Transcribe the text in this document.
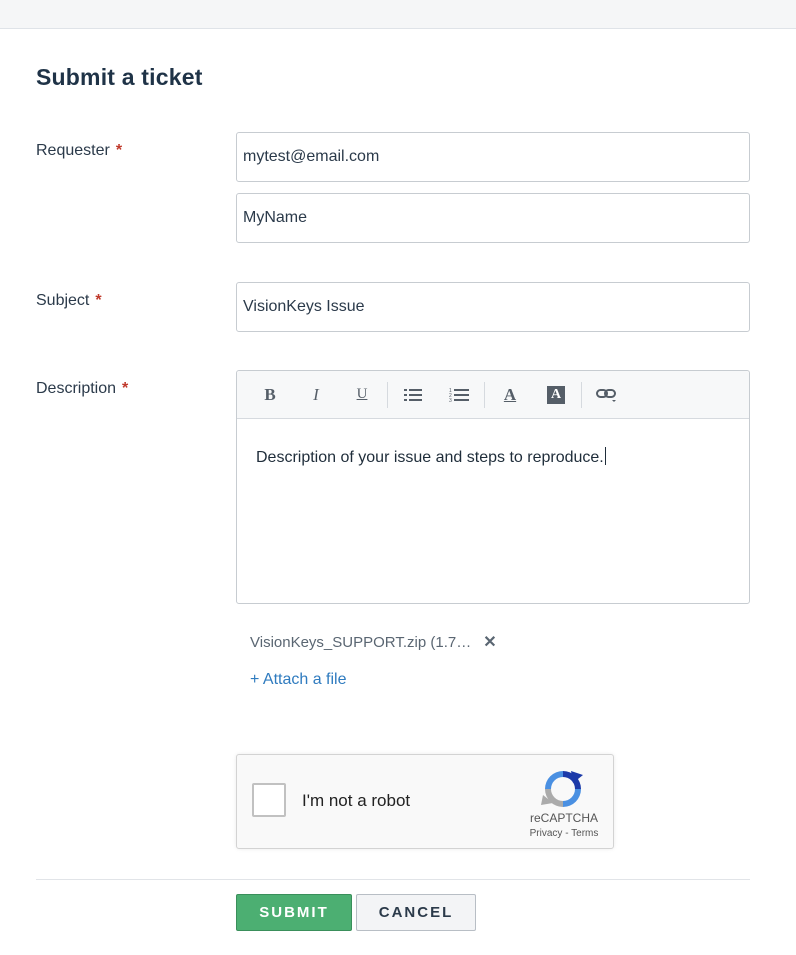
Submit a ticket
Requester *	mytest@email.com
MyName
Subject *	VisionKeys Issue
Description *	B I	U	1
2
3	A A
Description of your issue and steps to reproduce.
VisionKeys_SUPPORT.zip (1.7… ✕
+ Attach a file
I'm not a robot
reCAPTCHA
Privacy - Terms
SUBMIT	CANCEL
